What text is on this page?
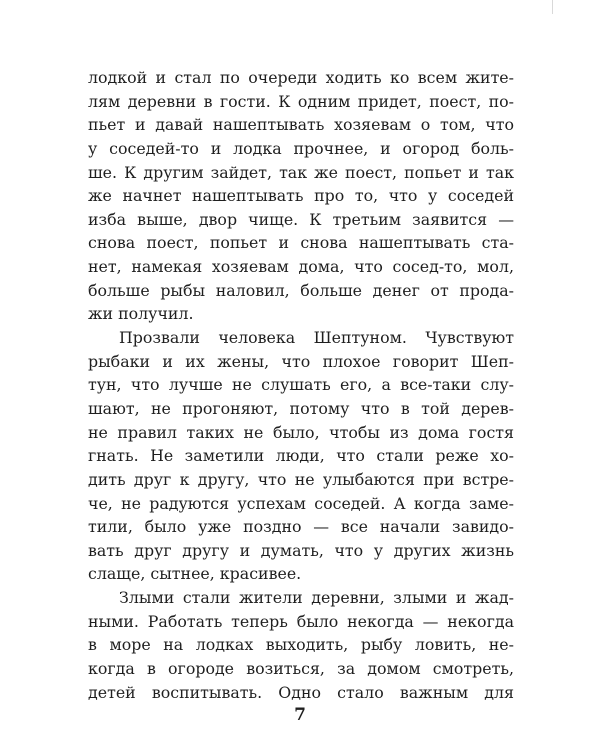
лодкой и стал по очереди ходить ко всем жите-
лям деревни в гости. К одним придет, поест, по-
пьет и давай нашептывать хозяевам о том, что
у соседей-то и лодка прочнее, и огород боль-
ше. К другим зайдет, так же поест, попьет и так
же начнет нашептывать про то, что у соседей
изба выше, двор чище. К третьим заявится —
снова поест, попьет и снова нашептывать ста-
нет, намекая хозяевам дома, что сосед-то, мол,
больше рыбы наловил, больше денег от прода-
жи получил.
Прозвали человека Шептуном. Чувствуют
рыбаки и их жены, что плохое говорит Шеп-
тун, что лучше не слушать его, а все-таки слу-
шают, не прогоняют, потому что в той дерев-
не правил таких не было, чтобы из дома гостя
гнать. Не заметили люди, что стали реже хо-
дить друг к другу, что не улыбаются при встре-
че, не радуются успехам соседей. А когда заме-
тили, было уже поздно — все начали завидо-
вать друг другу и думать, что у других жизнь
слаще, сытнее, красивее.
Злыми стали жители деревни, злыми и жад-
ными. Работать теперь было некогда — некогда
в море на лодках выходить, рыбу ловить, не-
когда в огороде возиться, за домом смотреть,
детей воспитывать. Одно стало важным для
7
